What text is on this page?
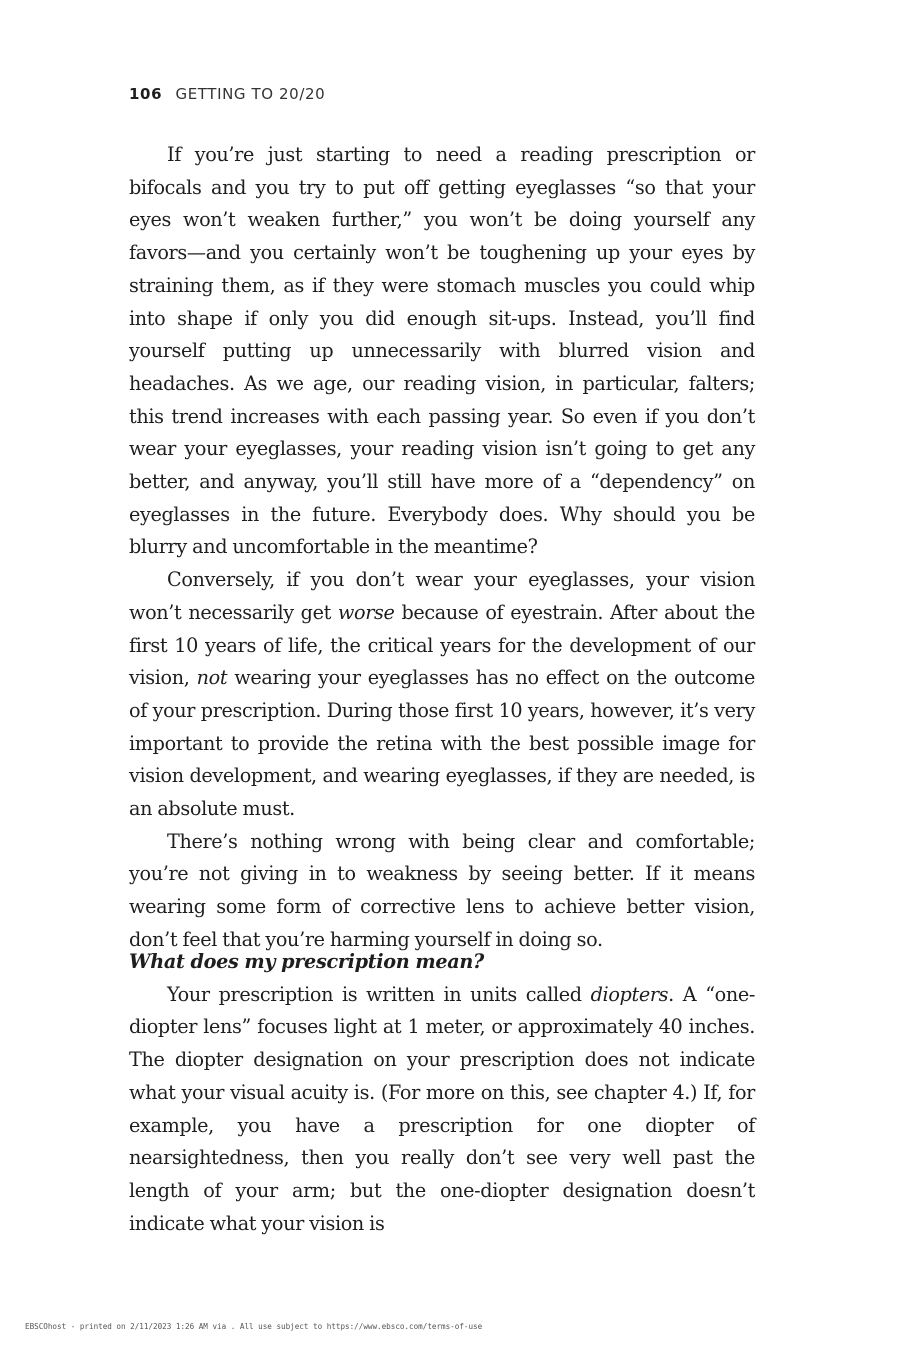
106 GETTING TO 20/20

If you’re just starting to need a reading prescription or bifocals and you try to put off getting eyeglasses “so that your eyes won’t weaken further,” you won’t be doing yourself any favors—and you certainly won’t be toughening up your eyes by straining them, as if they were stomach muscles you could whip into shape if only you did enough sit-ups. Instead, you’ll find yourself putting up unnecessarily with blurred vision and headaches. As we age, our reading vision, in particular, falters; this trend increases with each passing year. So even if you don’t wear your eyeglasses, your reading vision isn’t going to get any better, and anyway, you’ll still have more of a “dependency” on eyeglasses in the future. Everybody does. Why should you be blurry and uncomfortable in the meantime?

Conversely, if you don’t wear your eyeglasses, your vision won’t necessarily get worse because of eyestrain. After about the first 10 years of life, the critical years for the development of our vision, not wearing your eyeglasses has no effect on the outcome of your prescription. During those first 10 years, however, it’s very important to provide the retina with the best possible image for vision development, and wearing eyeglasses, if they are needed, is an absolute must.

There’s nothing wrong with being clear and comfortable; you’re not giving in to weakness by seeing better. If it means wearing some form of corrective lens to achieve better vision, don’t feel that you’re harming yourself in doing so.

What does my prescription mean?

Your prescription is written in units called diopters. A “one-diopter lens” focuses light at 1 meter, or approximately 40 inches. The diopter designation on your prescription does not indicate what your visual acuity is. (For more on this, see chapter 4.) If, for example, you have a prescription for one diopter of nearsightedness, then you really don’t see very well past the length of your arm; but the one-diopter designation doesn’t indicate what your vision is

EBSCOhost - printed on 2/11/2023 1:26 AM via . All use subject to https://www.ebsco.com/terms-of-use
